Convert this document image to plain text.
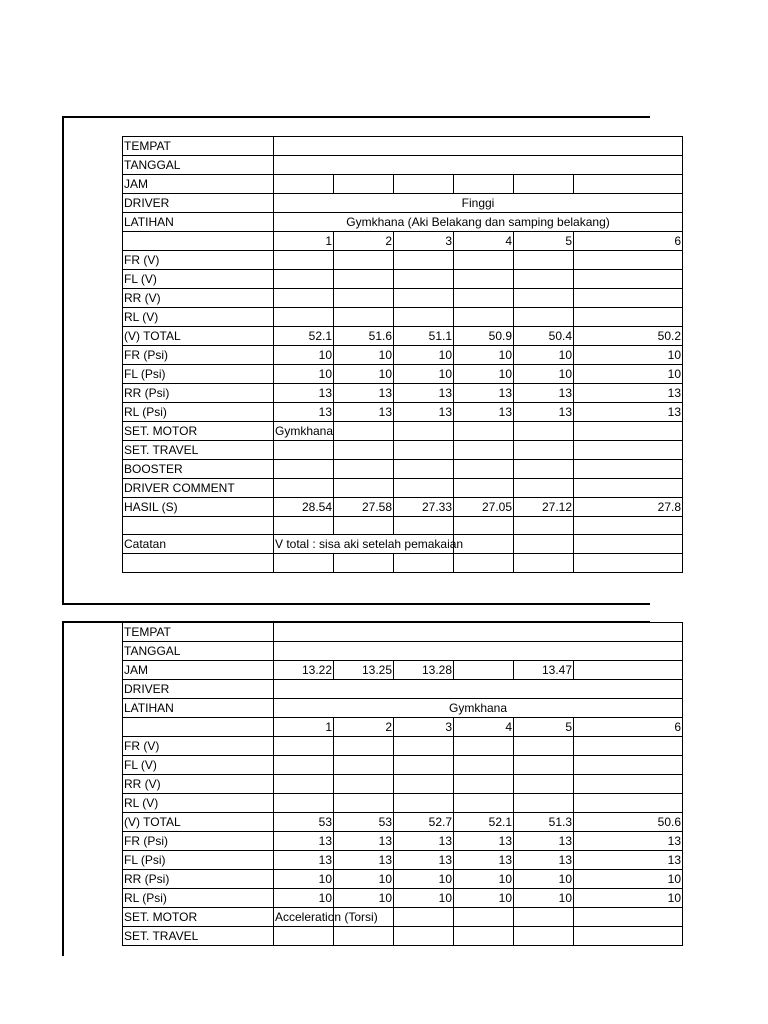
TEMPAT						
TANGGAL						
JAM						
DRIVER	Finggi					
LATIHAN	Gymkhana (Aki Belakang dan samping belakang)					
	1	2	3	4	5	6
FR (V)						
FL (V)						
RR (V)						
RL (V)						
(V) TOTAL	52.1	51.6	51.1	50.9	50.4	50.2
FR (Psi)	10	10	10	10	10	10
FL (Psi)	10	10	10	10	10	10
RR (Psi)	13	13	13	13	13	13
RL (Psi)	13	13	13	13	13	13
SET. MOTOR	Gymkhana					
SET. TRAVEL						
BOOSTER						
DRIVER COMMENT						
HASIL (S)	28.54	27.58	27.33	27.05	27.12	27.8

Catatan	V total : sisa aki setelah pemakaian					

TEMPAT						
TANGGAL						
JAM	13.22	13.25	13.28		13.47	
DRIVER						
LATIHAN	Gymkhana					
	1	2	3	4	5	6
FR (V)						
FL (V)						
RR (V)						
RL (V)						
(V) TOTAL	53	53	52.7	52.1	51.3	50.6
FR (Psi)	13	13	13	13	13	13
FL (Psi)	13	13	13	13	13	13
RR (Psi)	10	10	10	10	10	10
RL (Psi)	10	10	10	10	10	10
SET. MOTOR	Acceleration (Torsi)					
SET. TRAVEL						
